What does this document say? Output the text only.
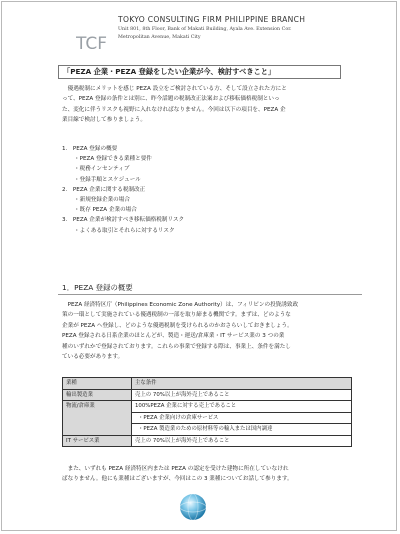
TCF
TOKYO CONSULTING FIRM PHILIPPINE BRANCH
Unit 801, 8th Floor, Bank of Makati Building, Ayala Ave. Extension Cor.
Metropolitan Avenue, Makati City
「PEZA 企業・PEZA 登録をしたい企業が今、検討すべきこと」
　優遇税制にメリットを感じ PEZA 設立をご検討されている方、そして設立された方にと
って、PEZA 登録の条件とは別に、昨今話題の税制改正法案および移転価格税制といっ
た、変化に伴うリスクも視野に入れなければなりません。今回は以下の項目を、PEZA 企
業目線で検討して参りましょう。
1.　PEZA 登録の概要
・PEZA 登録できる業種と要件
・税務インセンティブ
・登録手順とスケジュール
2.　PEZA 企業に関する税制改正
・新規登録企業の場合
・既存 PEZA 企業の場合
3.　PEZA 企業が検討すべき移転価格税制リスク
・よくある取引とそれらに対するリスク
1．PEZA 登録の概要
　PEZA 経済特区庁（Philippines Economic Zone Authority）は、フィリピンの投資誘致政
策の一環として実施されている優遇税制の一部を取り締まる機関です。まずは、どのような
企業が PEZA へ登録し、どのような優遇税制を受けられるのかおさらいしておきましょう。
PEZA 登録される日系企業のほとんどが、製造・運送/倉庫業・IT サービス業の 3 つの業
種のいずれかで登録されております。これらの事業で登録する際は、事業上、条件を満たし
ている必要があります。
業種	主な条件
輸出製造業	売上の 70%以上が海外売上であること
物流/倉庫業	100%PEZA 企業に対する売上であること
	・PEZA 企業向けの倉庫サービス
	・PEZA 製造業のための原材料等の輸入または国内調達
IT サービス業	売上の 70%以上が海外売上であること
　また、いずれも PEZA 経済特区内または PEZA の認定を受けた建物に所在していなけれ
ばなりません。他にも業種はございますが、今回はこの 3 業種についてお話して参ります。
